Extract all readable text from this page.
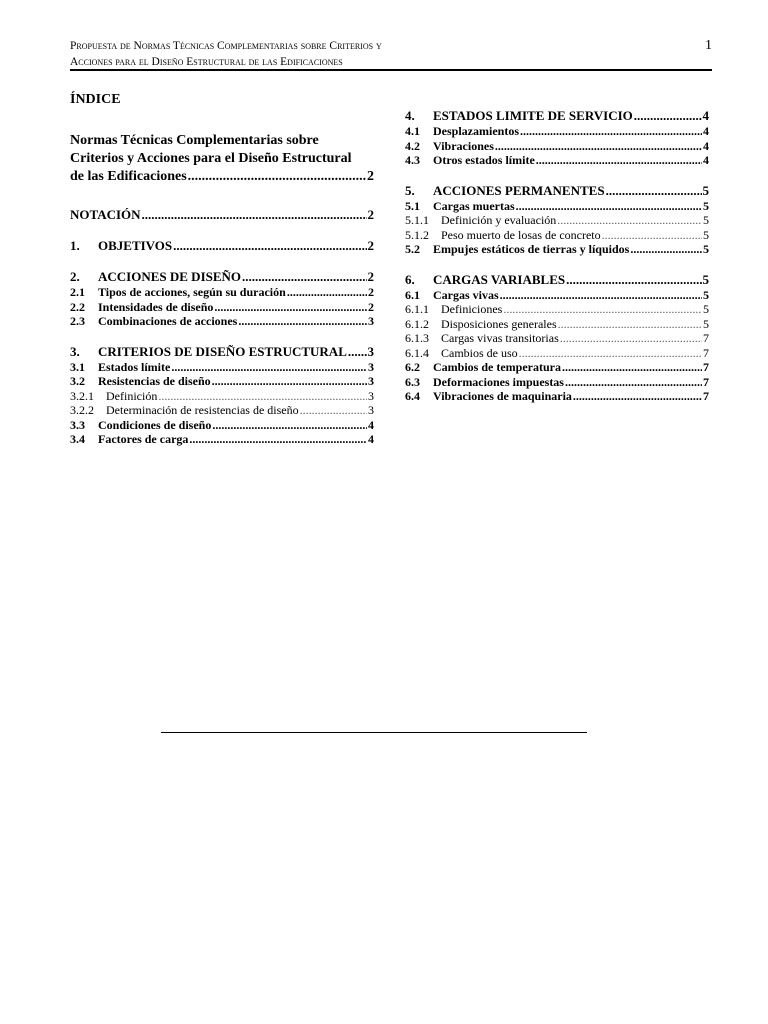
Propuesta de Normas Técnicas Complementarias sobre Criterios y
Acciones para el Diseño Estructural de las Edificaciones
1
ÍNDICE
Normas Técnicas Complementarias sobre
Criterios y Acciones para el Diseño Estructural
de las Edificaciones .....	2
NOTACIÓN .....	2
1.	OBJETIVOS .....	2
2.	ACCIONES DE DISEÑO .....	2
2.1	Tipos de acciones, según su duración .....	2
2.2	Intensidades de diseño .....	2
2.3	Combinaciones de acciones .....	3
3.	CRITERIOS DE DISEÑO ESTRUCTURAL ..... 3
3.1	Estados límite .....	3
3.2	Resistencias de diseño .....	3
3.2.1	Definición .....	3
3.2.2	Determinación de resistencias de diseño .....	3
3.3	Condiciones de diseño .....	4
3.4	Factores de carga .....	4
4.	ESTADOS LIMITE DE SERVICIO .....	4
4.1	Desplazamientos .....	4
4.2	Vibraciones .....	4
4.3	Otros estados límite .....	4
5.	ACCIONES PERMANENTES .....	5
5.1	Cargas muertas .....	5
5.1.1	Definición y evaluación .....	5
5.1.2	Peso muerto de losas de concreto .....	5
5.2	Empujes estáticos de tierras y líquidos .....	5
6.	CARGAS VARIABLES .....	5
6.1	Cargas vivas .....	5
6.1.1	Definiciones .....	5
6.1.2	Disposiciones generales .....	5
6.1.3	Cargas vivas transitorias .....	7
6.1.4	Cambios de uso .....	7
6.2	Cambios de temperatura .....	7
6.3	Deformaciones impuestas .....	7
6.4	Vibraciones de maquinaria .....	7
